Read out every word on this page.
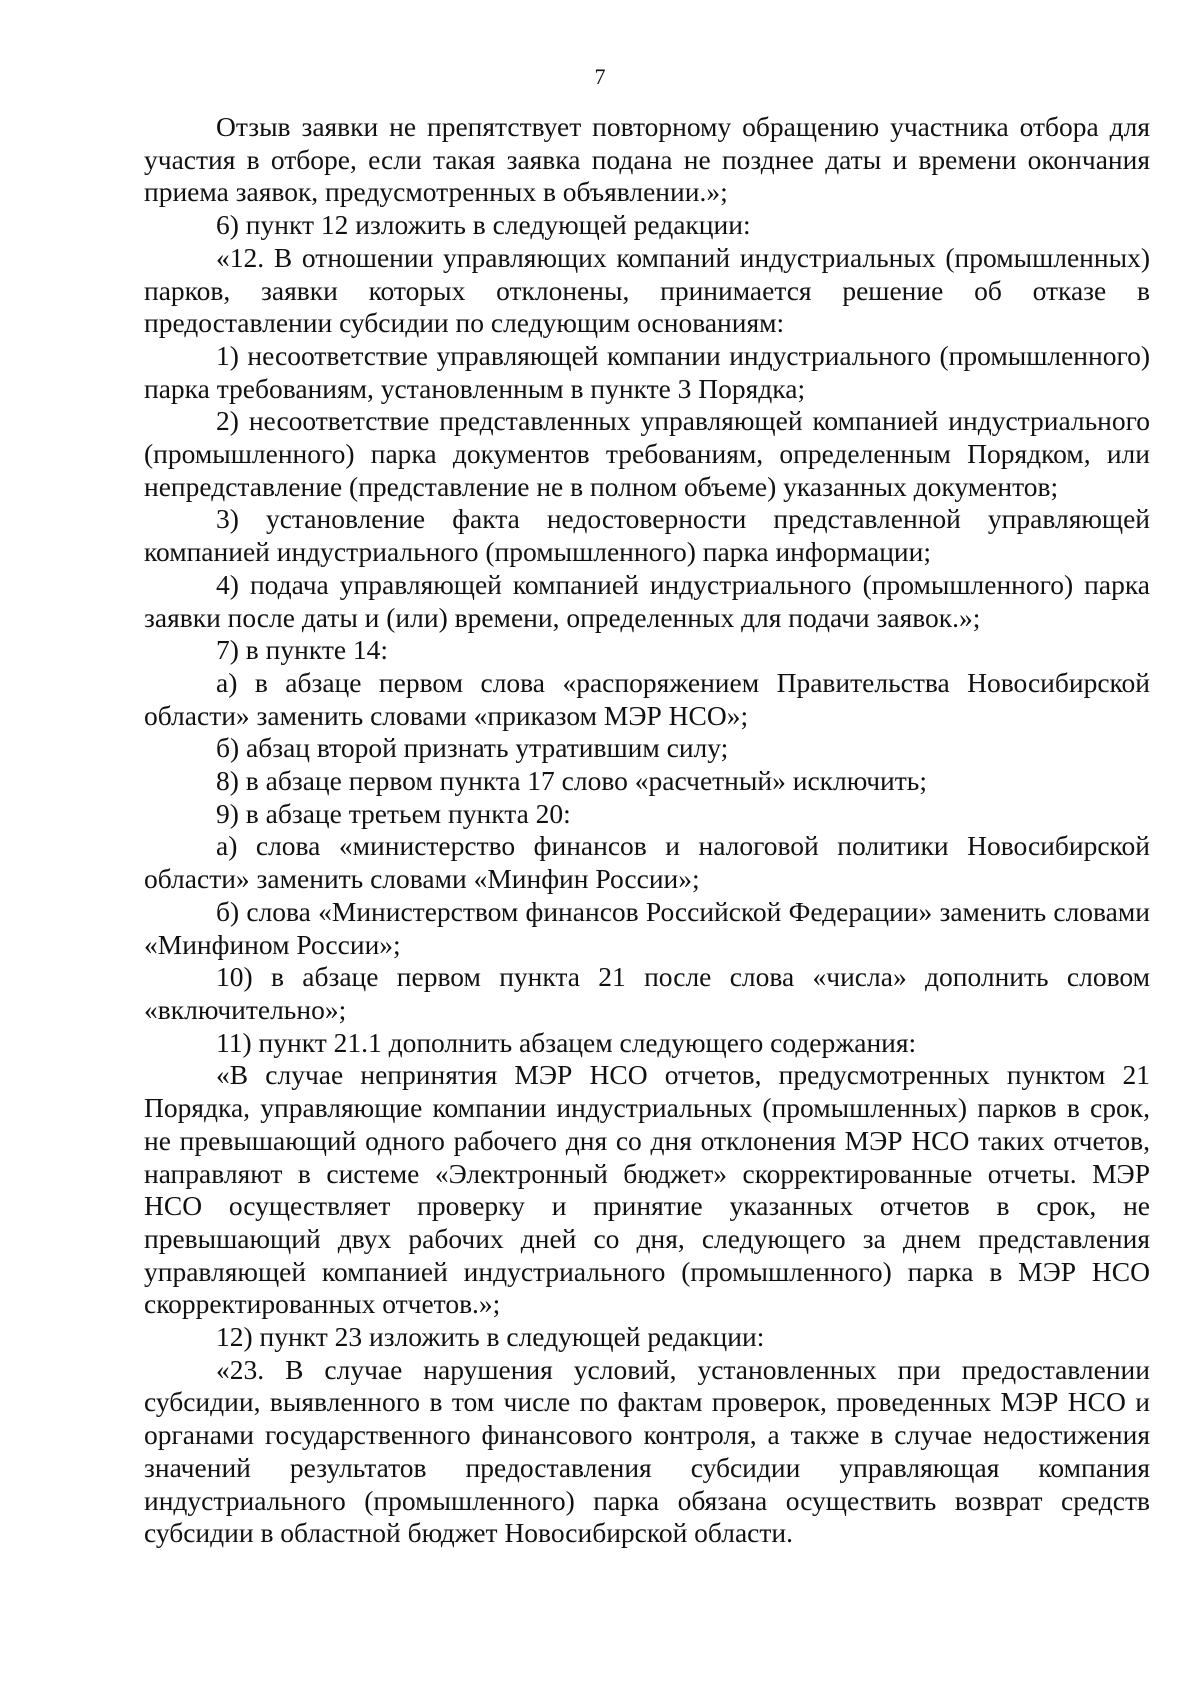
7

Отзыв заявки не препятствует повторному обращению участника отбора для участия в отборе, если такая заявка подана не позднее даты и времени окончания приема заявок, предусмотренных в объявлении.»;

6) пункт 12 изложить в следующей редакции:

«12. В отношении управляющих компаний индустриальных (промышленных) парков, заявки которых отклонены, принимается решение об отказе в предоставлении субсидии по следующим основаниям:

1) несоответствие управляющей компании индустриального (промышленного) парка требованиям, установленным в пункте 3 Порядка;

2) несоответствие представленных управляющей компанией индустриального (промышленного) парка документов требованиям, определенным Порядком, или непредставление (представление не в полном объеме) указанных документов;

3) установление факта недостоверности представленной управляющей компанией индустриального (промышленного) парка информации;

4) подача управляющей компанией индустриального (промышленного) парка заявки после даты и (или) времени, определенных для подачи заявок.»;

7) в пункте 14:

а) в абзаце первом слова «распоряжением Правительства Новосибирской области» заменить словами «приказом МЭР НСО»;

б) абзац второй признать утратившим силу;

8) в абзаце первом пункта 17 слово «расчетный» исключить;

9) в абзаце третьем пункта 20:

а) слова «министерство финансов и налоговой политики Новосибирской области» заменить словами «Минфин России»;

б) слова «Министерством финансов Российской Федерации» заменить словами «Минфином России»;

10) в абзаце первом пункта 21 после слова «числа» дополнить словом «включительно»;

11) пункт 21.1 дополнить абзацем следующего содержания:

«В случае непринятия МЭР НСО отчетов, предусмотренных пунктом 21 Порядка, управляющие компании индустриальных (промышленных) парков в срок, не превышающий одного рабочего дня со дня отклонения МЭР НСО таких отчетов, направляют в системе «Электронный бюджет» скорректированные отчеты. МЭР НСО осуществляет проверку и принятие указанных отчетов в срок, не превышающий двух рабочих дней со дня, следующего за днем представления управляющей компанией индустриального (промышленного) парка в МЭР НСО скорректированных отчетов.»;

12) пункт 23 изложить в следующей редакции:

«23. В случае нарушения условий, установленных при предоставлении субсидии, выявленного в том числе по фактам проверок, проведенных МЭР НСО и органами государственного финансового контроля, а также в случае недостижения значений результатов предоставления субсидии управляющая компания индустриального (промышленного) парка обязана осуществить возврат средств субсидии в областной бюджет Новосибирской области.
